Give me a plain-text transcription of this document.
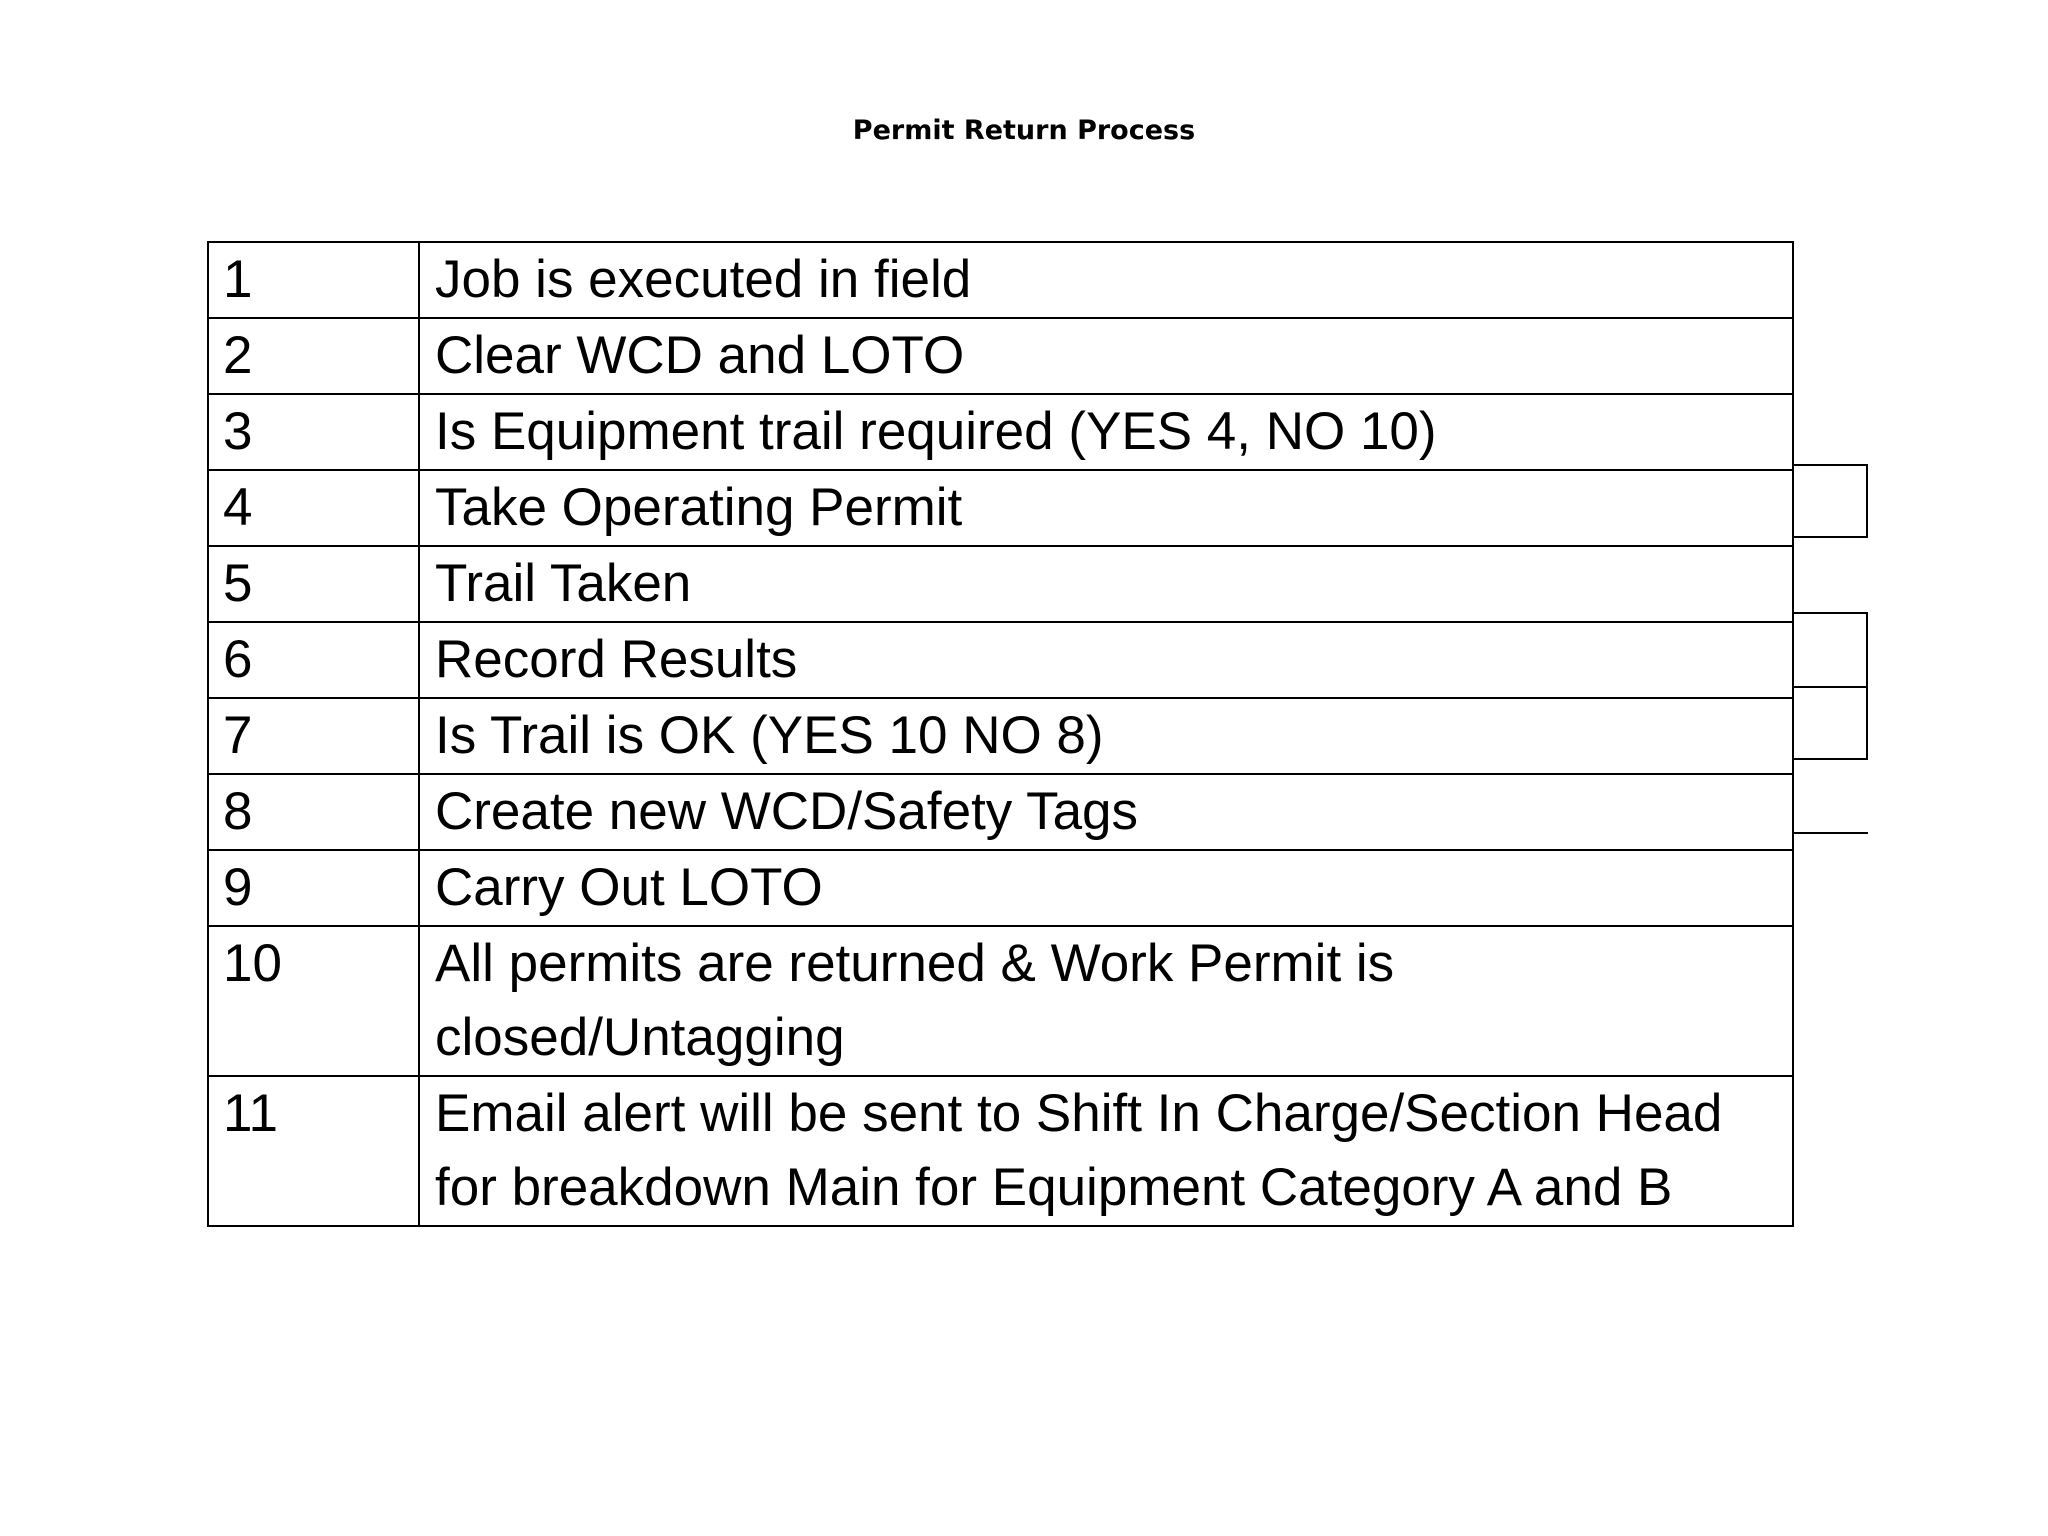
Permit Return Process
1	Job is executed in field
2	Clear WCD and LOTO
3	Is Equipment trail required (YES 4, NO 10)
4	Take Operating Permit
5	Trail Taken
6	Record Results
7	Is Trail is OK (YES 10 NO 8)
8	Create new WCD/Safety Tags
9	Carry Out LOTO
10	All permits are returned & Work Permit is closed/Untagging
11	Email alert will be sent to Shift In Charge/Section Head for breakdown Main for Equipment Category A and B
